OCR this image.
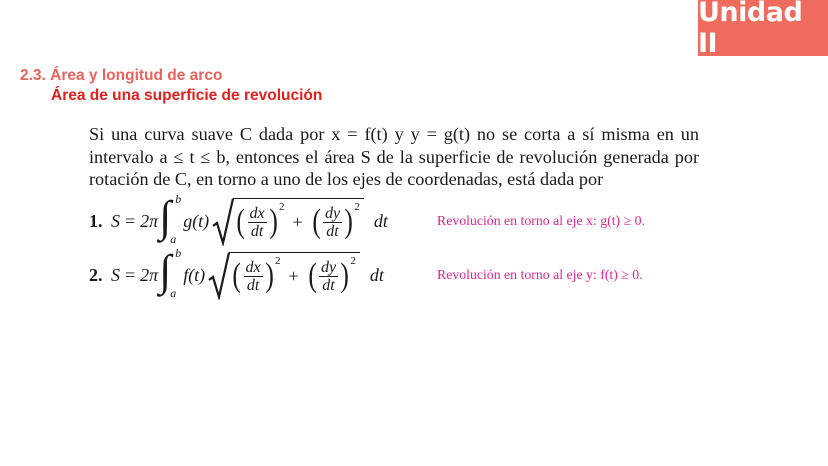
Unidad II
2.3. Área y longitud de arco
Área de una superficie de revolución
Si una curva suave C dada por x = f(t) y y = g(t) no se corta a sí misma en un intervalo a ≤ t ≤ b, entonces el área S de la superficie de revolución generada por rotación de C, en torno a uno de los ejes de coordenadas, está dada por
1. S = 2π ∫ b
a
g(t) ( $\frac{dx}{dt}$ ) 2
+ ( $\frac{dy}{dt}$ ) 2
dt	Revolución en torno al eje x: g(t) ≥ 0.
2. S = 2π ∫ b
a
f(t) ( $\frac{dx}{dt}$ ) 2
+ ( $\frac{dy}{dt}$ ) 2
dt	Revolución en torno al eje y: f(t) ≥ 0.
